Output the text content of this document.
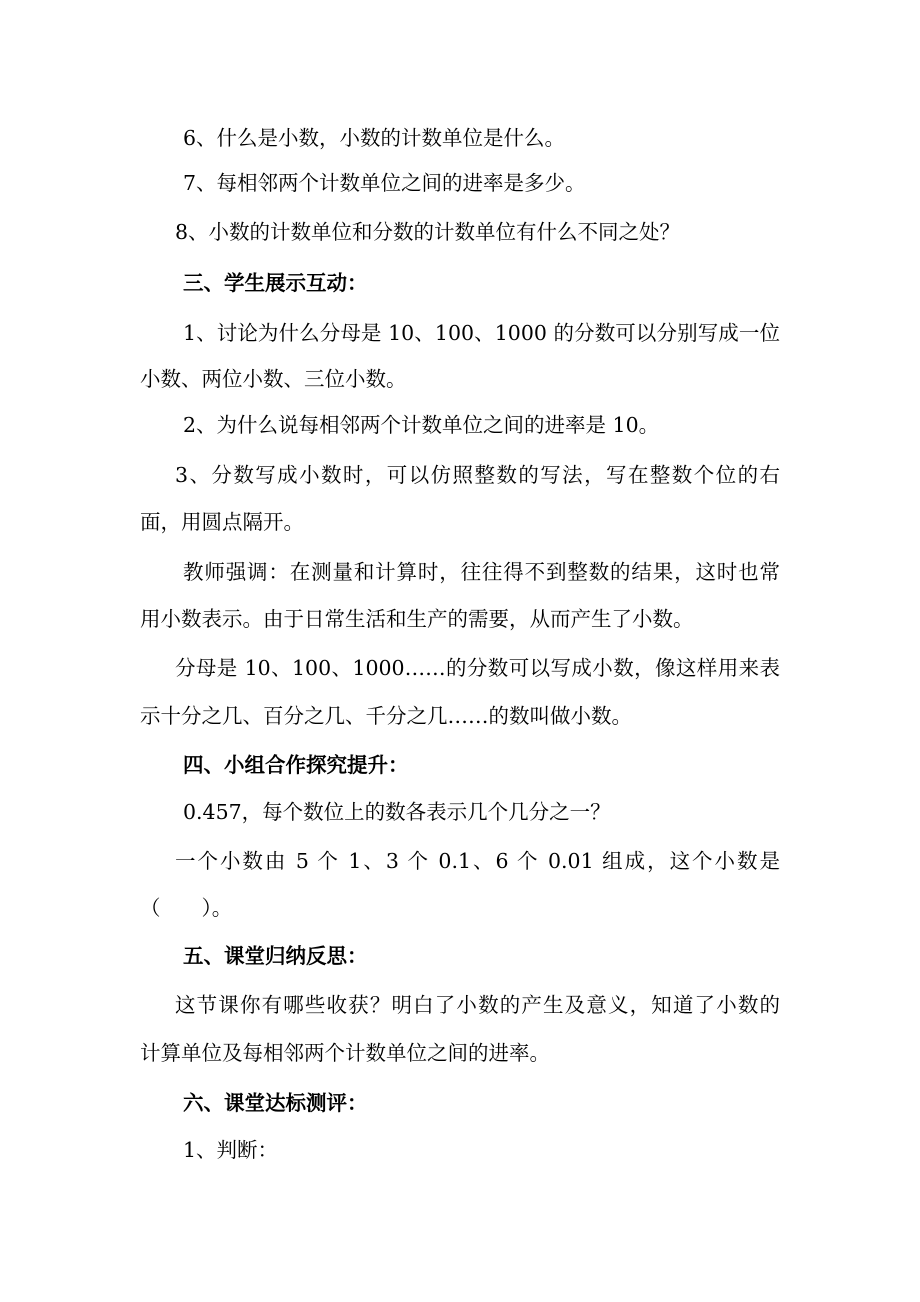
6、什么是小数，小数的计数单位是什么。
7、每相邻两个计数单位之间的进率是多少。
8、小数的计数单位和分数的计数单位有什么不同之处？
三、学生展示互动：
1、讨论为什么分母是 10、100、1000 的分数可以分别写成一位
小数、两位小数、三位小数。
2、为什么说每相邻两个计数单位之间的进率是 10。
3、分数写成小数时，可以仿照整数的写法，写在整数个位的右
面，用圆点隔开。
教师强调：在测量和计算时，往往得不到整数的结果，这时也常
用小数表示。由于日常生活和生产的需要，从而产生了小数。
分母是 10、100、1000……的分数可以写成小数，像这样用来表
示十分之几、百分之几、千分之几……的数叫做小数。
四、小组合作探究提升：
0.457，每个数位上的数各表示几个几分之一？
一个小数由 5 个 1、3 个 0.1、6 个 0.01 组成，这个小数是
（　　）。
五、课堂归纳反思：
这节课你有哪些收获？明白了小数的产生及意义，知道了小数的
计算单位及每相邻两个计数单位之间的进率。
六、课堂达标测评：
1、判断：
